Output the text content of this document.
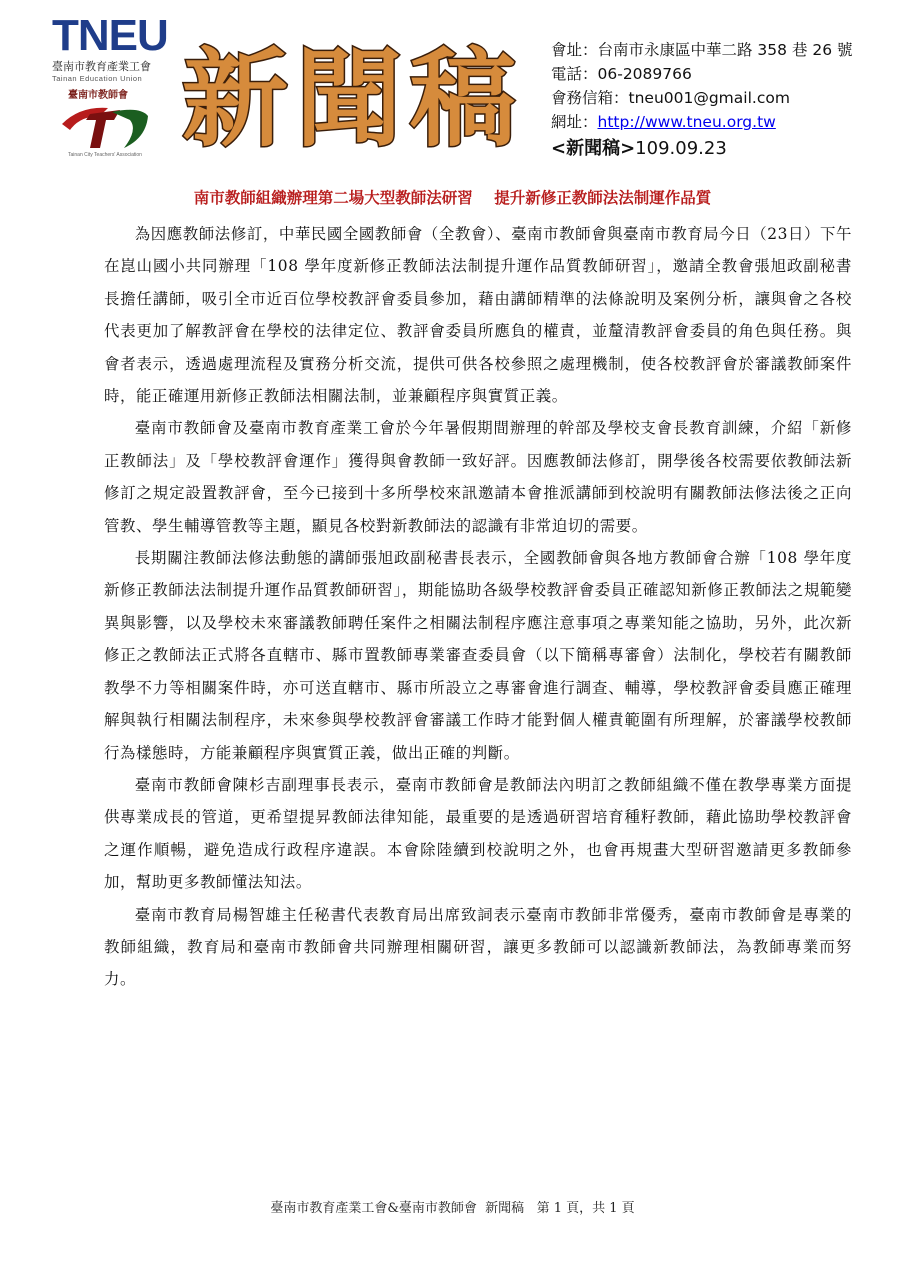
TNEU
臺南市教育產業工會
Tainan Education Union
臺南市教師會
Tainan City Teachers' Association 新聞稿 會址：台南市永康區中華二路 358 巷 26 號
電話：06-2089766
會務信箱：tneu001@gmail.com
網址：http://www.tneu.org.tw
<新聞稿>109.09.23
南市教師組織辦理第二場大型教師法研習    提升新修正教師法法制運作品質

為因應教師法修訂，中華民國全國教師會（全教會）、臺南市教師會與臺南市教育局今日（23日）下午在崑山國小共同辦理「108 學年度新修正教師法法制提升運作品質教師研習」，邀請全教會張旭政副秘書長擔任講師，吸引全市近百位學校教評會委員參加，藉由講師精準的法條說明及案例分析，讓與會之各校代表更加了解教評會在學校的法律定位、教評會委員所應負的權責，並釐清教評會委員的角色與任務。與會者表示，透過處理流程及實務分析交流，提供可供各校參照之處理機制，使各校教評會於審議教師案件時，能正確運用新修正教師法相關法制，並兼顧程序與實質正義。

臺南市教師會及臺南市教育產業工會於今年暑假期間辦理的幹部及學校支會長教育訓練，介紹「新修正教師法」及「學校教評會運作」獲得與會教師一致好評。因應教師法修訂，開學後各校需要依教師法新修訂之規定設置教評會，至今已接到十多所學校來訊邀請本會推派講師到校說明有關教師法修法後之正向管教、學生輔導管教等主題，顯見各校對新教師法的認識有非常迫切的需要。

長期關注教師法修法動態的講師張旭政副秘書長表示，全國教師會與各地方教師會合辦「108 學年度新修正教師法法制提升運作品質教師研習」，期能協助各級學校教評會委員正確認知新修正教師法之規範變異與影響，以及學校未來審議教師聘任案件之相關法制程序應注意事項之專業知能之協助，另外，此次新修正之教師法正式將各直轄市、縣市置教師專業審查委員會（以下簡稱專審會）法制化，學校若有關教師教學不力等相關案件時，亦可送直轄市、縣市所設立之專審會進行調查、輔導，學校教評會委員應正確理解與執行相關法制程序，未來參與學校教評會審議工作時才能對個人權責範圍有所理解，於審議學校教師行為樣態時，方能兼顧程序與實質正義，做出正確的判斷。

臺南市教師會陳杉吉副理事長表示，臺南市教師會是教師法內明訂之教師組織不僅在教學專業方面提供專業成長的管道，更希望提昇教師法律知能，最重要的是透過研習培育種籽教師，藉此協助學校教評會之運作順暢，避免造成行政程序違誤。本會除陸續到校說明之外，也會再規畫大型研習邀請更多教師參加，幫助更多教師懂法知法。

臺南市教育局楊智雄主任秘書代表教育局出席致詞表示臺南市教師非常優秀，臺南市教師會是專業的教師組織，教育局和臺南市教師會共同辦理相關研習，讓更多教師可以認識新教師法，為教師專業而努力。

臺南市教育產業工會&臺南市教師會  新聞稿   第 1 頁，共 1 頁
